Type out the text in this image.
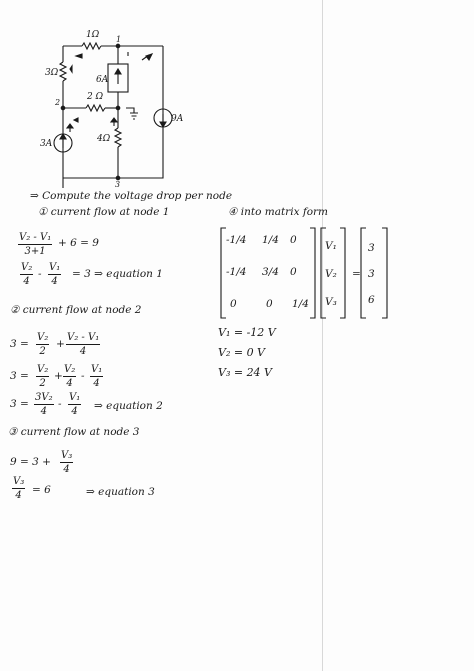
1Ω
3Ω
2 Ω
4Ω
3A
6A
9A
1
2
3
⇒ Compute the voltage drop per node
① current flow at node 1
$\frac{\text{V₂ - V₁}}{3+1} + 6 = 9$
$\frac{\text{V₂}}{4} - \frac{\text{V₁}}{4} = 3$ ⇒ equation 1
② current flow at node 2
$3 = \frac{\text{V₂}}{2} + \frac{\text{V₂ - V₁}}{4}$
$3 = \frac{\text{V₂}}{2} + \frac{\text{V₂}}{4} - \frac{\text{V₁}}{4}$
$3 = \frac{\text{3V₂}}{4} - \frac{\text{V₁}}{4}$ ⇒ equation 2
③ current flow at node 3
$9 = 3 + \frac{\text{V₃}}{4}$
$\frac{\text{V₃}}{4} = 6$	⇒ equation 3
④ into matrix form
-1/4 1/4 0
-1/4 3/4 0
0	0 1/4
V₁
V₂
V₃
=
3
3
6
V₁ = -12 V
V₂ = 0 V
V₃ = 24 V
